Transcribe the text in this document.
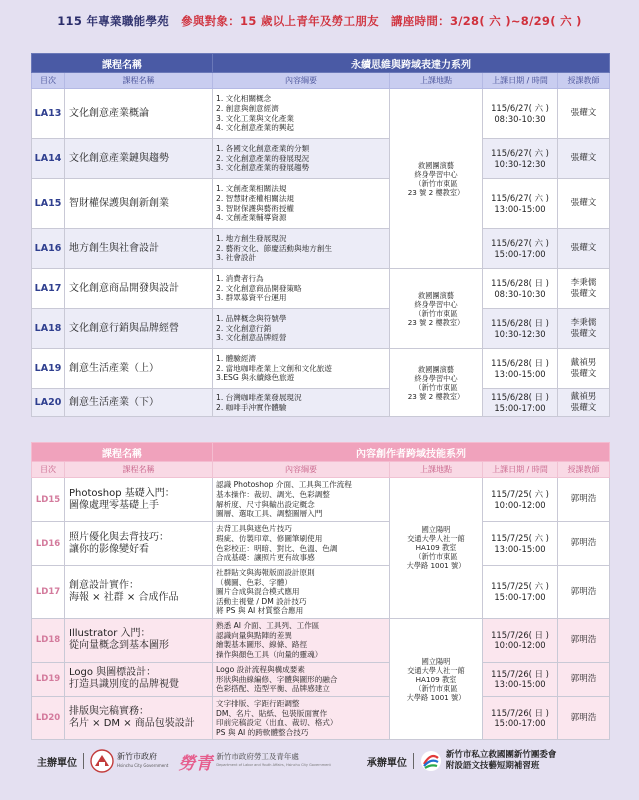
115 年專業職能學苑 參與對象：15 歲以上青年及勞工朋友 講座時間：3/28( 六 )~8/29( 六 )
課程名稱		永續思維與跨域表達力系列			
目次	課程名稱	內容綱要	上課地點	上課日期 / 時間	授課教師
LA13	文化創意產業概論	1. 文化相關概念
2. 創意與創意經濟
3. 文化工業與文化產業
4. 文化創意產業的興起	救國團演藝
終身學習中心
（新竹市東區
23 號 2 樓教室）	115/6/27( 六 )
08:30-10:30	張耀文
LA14	文化創意產業鏈與趨勢	1. 各國文化創意產業的分類
2. 文化創意產業的發展現況
3. 文化創意產業的發展趨勢		115/6/27( 六 )
10:30-12:30	張耀文
LA15	智財權保護與創新創業	1. 文創產業相關法規
2. 智慧財產權相關法規
3. 智財保護與藝術授權
4. 文創產業輔導資源		115/6/27( 六 )
13:00-15:00	張耀文
LA16	地方創生與社會設計	1. 地方創生發展現況
2. 藝術文化、節慶活動與地方創生
3. 社會設計		115/6/27( 六 )
15:00-17:00	張耀文
LA17	文化創意商品開發與設計	1. 消費者行為
2. 文化創意商品開發策略
3. 群眾募資平台運用	救國團演藝
終身學習中心
（新竹市東區
23 號 2 樓教室）	115/6/28( 日 )
08:30-10:30	李秉儒
張耀文
LA18	文化創意行銷與品牌經營	1. 品牌概念與符號學
2. 文化創意行銷
3. 文化創意品牌經營		115/6/28( 日 )
10:30-12:30	李秉儒
張耀文
LA19	創意生活產業（上）	1. 體驗經濟
2. 當地咖啡產業上文創和文化旅遊
3.ESG 與永續綠色旅遊	救國團演藝
終身學習中心
（新竹市東區
23 號 2 樓教室）	115/6/28( 日 )
13:00-15:00	戴禎男
張耀文
LA20	創意生活產業（下）	1. 台灣咖啡產業發展現況
2. 咖啡手沖實作體驗		115/6/28( 日 )
15:00-17:00	戴禎男
張耀文
課程名稱		內容創作者跨域技能系列			
目次	課程名稱	內容綱要	上課地點	上課日期 / 時間	授課教師
LD15	Photoshop 基礎入門：
圖像處理零基礎上手	認識 Photoshop 介面、工具與工作流程
基本操作：裁切、調光、色彩調整
解析度、尺寸與輸出設定概念
圖層、選取工具、調整圖層入門	國立陽明
交通大學人社一館
HA109 教室
（新竹市東區
大學路 1001 號）	115/7/25( 六 )
10:00-12:00	郭明浩
LD16	照片優化與去背技巧：
讓你的影像變好看	去背工具與遮色片技巧
瑕疵、仿製印章、修圖筆刷使用
色彩校正：明暗、對比、色溫、色調
合成基礎：讓照片更有故事感		115/7/25( 六 )
13:00-15:00	郭明浩
LD17	創意設計實作：
海報 × 社群 × 合成作品	社群貼文與海報版面設計原則
（構圖、色彩、字體）
圖片合成與混合模式應用
活動主視覺 / DM 設計技巧
將 PS 與 AI 材質整合應用		115/7/25( 六 )
15:00-17:00	郭明浩
LD18	Illustrator 入門：
從向量概念到基本圖形	熟悉 AI 介面、工具列、工作區
認識向量與點陣的差異
繪製基本圖形、線條、路徑
操作與顏色工具（向量的靈魂）	國立陽明
交通大學人社一館
HA109 教室
（新竹市東區
大學路 1001 號）	115/7/26( 日 )
10:00-12:00	郭明浩
LD19	Logo 與圖標設計：
打造具識別度的品牌視覺	Logo 設計流程與構成要素
形狀與曲線編修、字體與圖形的融合
色彩搭配、造型平衡、品牌感建立		115/7/26( 日 )
13:00-15:00	郭明浩
LD20	排版與完稿實務：
名片 × DM × 商品包裝設計	文字排版、字距行距調整
DM、名片、貼紙、包裝版面實作
印前完稿設定（出血、裁切、格式）
PS 與 AI 的跨軟體整合技巧		115/7/26( 日 )
15:00-17:00	郭明浩
主辦單位
新竹市政府
Hsinchu City Government 勞青 新竹市政府勞工及青年處
Department of Labor and Youth Affairs, Hsinchu City Government	承辦單位
新竹市私立救國團新竹團委會
附設語文技藝短期補習班
